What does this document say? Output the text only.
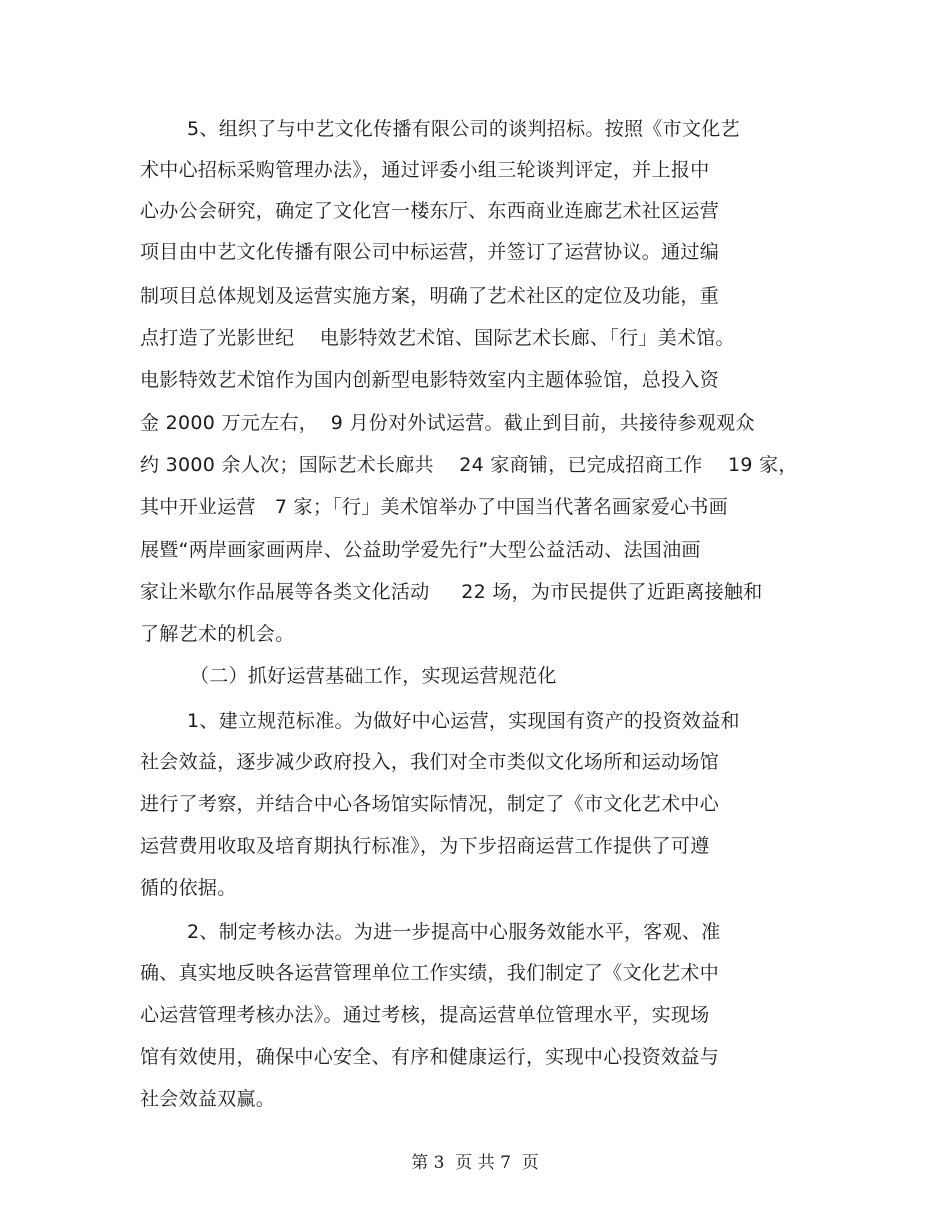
5、组织了与中艺文化传播有限公司的谈判招标。按照《市文化艺
术中心招标采购管理办法》，通过评委小组三轮谈判评定，并上报中
心办公会研究，确定了文化宫一楼东厅、东西商业连廊艺术社区运营
项目由中艺文化传播有限公司中标运营，并签订了运营协议。通过编
制项目总体规划及运营实施方案，明确了艺术社区的定位及功能，重
点打造了光影世纪    电影特效艺术馆、国际艺术长廊、「行」美术馆。
电影特效艺术馆作为国内创新型电影特效室内主题体验馆，总投入资
金 2000 万元左右，  9 月份对外试运营。截止到目前，共接待参观观众
约 3000 余人次；国际艺术长廊共    24 家商铺，已完成招商工作    19 家，
其中开业运营   7 家；「行」美术馆举办了中国当代著名画家爱心书画
展暨“两岸画家画两岸、公益助学爱先行”大型公益活动、法国油画
家让米歇尔作品展等各类文化活动     22 场，为市民提供了近距离接触和
了解艺术的机会。
（二）抓好运营基础工作，实现运营规范化
1、建立规范标准。为做好中心运营，实现国有资产的投资效益和
社会效益，逐步减少政府投入，我们对全市类似文化场所和运动场馆
进行了考察，并结合中心各场馆实际情况，制定了《市文化艺术中心
运营费用收取及培育期执行标准》，为下步招商运营工作提供了可遵
循的依据。
2、制定考核办法。为进一步提高中心服务效能水平，客观、准
确、真实地反映各运营管理单位工作实绩，我们制定了《文化艺术中
心运营管理考核办法》。通过考核，提高运营单位管理水平，实现场
馆有效使用，确保中心安全、有序和健康运行，实现中心投资效益与
社会效益双赢。
第 3  页 共 7  页
